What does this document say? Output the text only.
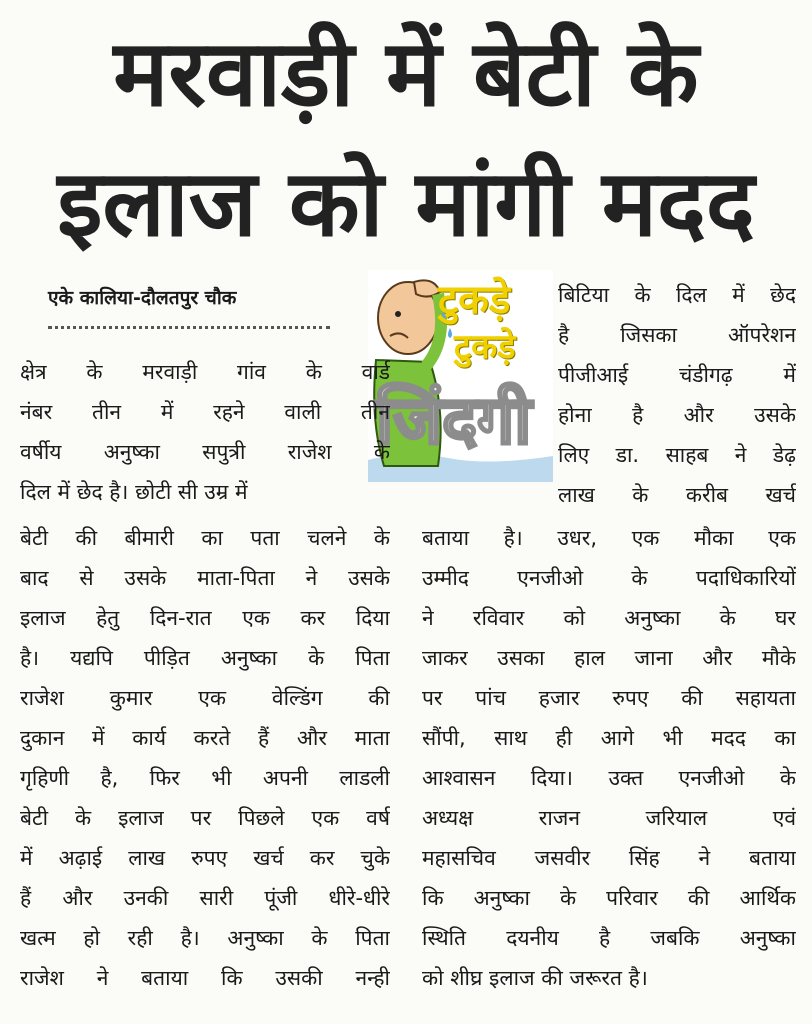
मरवाड़ी में बेटी के
इलाज को मांगी मदद
एके कालिया-दौलतपुर चौक	टुकड़े
टुकड़े
जिंदगी

क्षेत्र के मरवाड़ी गांव के वार्ड

नंबर तीन में रहने वाली तीन

वर्षीय अनुष्का सपुत्री राजेश के

दिल में छेद है। छोटी सी उम्र में

बेटी की बीमारी का पता चलने के

बाद से उसके माता-पिता ने उसके

इलाज हेतु दिन-रात एक कर दिया

है। यद्यपि पीड़ित अनुष्का के पिता

राजेश कुमार एक वेल्डिंग की

दुकान में कार्य करते हैं और माता

गृहिणी है, फिर भी अपनी लाडली

बेटी के इलाज पर पिछले एक वर्ष

में अढ़ाई लाख रुपए खर्च कर चुके

हैं और उनकी सारी पूंजी धीरे-धीरे

खत्म हो रही है। अनुष्का के पिता

राजेश ने बताया कि उसकी नन्ही

बिटिया के दिल में छेद

है जिसका ऑपरेशन

पीजीआई चंडीगढ़ में

होना है और उसके

लिए डा. साहब ने डेढ़

लाख के करीब खर्च

बताया है। उधर, एक मौका एक

उम्मीद एनजीओ के पदाधिकारियों

ने रविवार को अनुष्का के घर

जाकर उसका हाल जाना और मौके

पर पांच हजार रुपए की सहायता

सौंपी, साथ ही आगे भी मदद का

आश्वासन दिया। उक्त एनजीओ के

अध्यक्ष राजन जरियाल एवं

महासचिव जसवीर सिंह ने बताया

कि अनुष्का के परिवार की आर्थिक

स्थिति दयनीय है जबकि अनुष्का

को शीघ्र इलाज की जरूरत है।
